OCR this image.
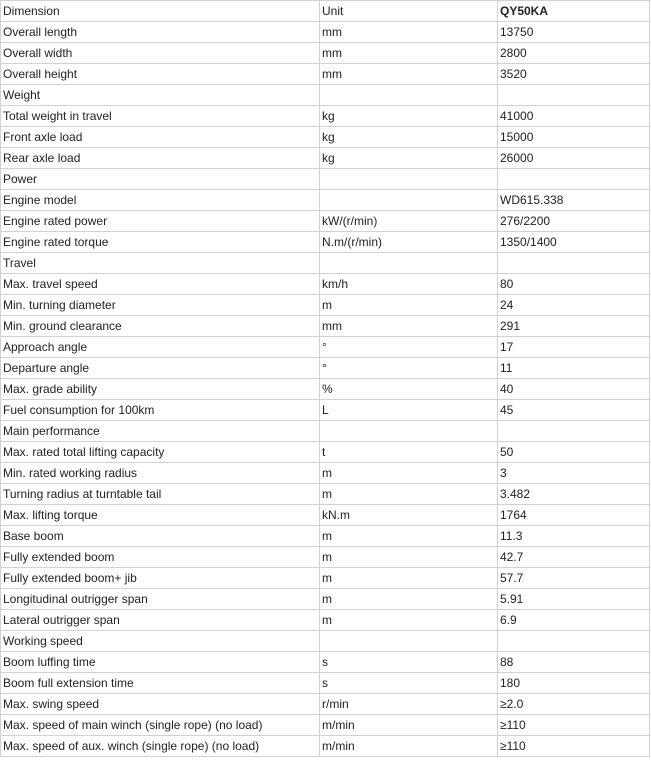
Dimension	Unit	QY50KA
Overall length	mm	13750
Overall width	mm	2800
Overall height	mm	3520
Weight		
Total weight in travel	kg	41000
Front axle load	kg	15000
Rear axle load	kg	26000
Power		
Engine model		WD615.338
Engine rated power	kW/(r/min)	276/2200
Engine rated torque	N.m/(r/min)	1350/1400
Travel		
Max. travel speed	km/h	80
Min. turning diameter	m	24
Min. ground clearance	mm	291
Approach angle	°	17
Departure angle	°	11
Max. grade ability	%	40
Fuel consumption for 100km	L	45
Main performance		
Max. rated total lifting capacity	t	50
Min. rated working radius	m	3
Turning radius at turntable tail	m	3.482
Max. lifting torque	kN.m	1764
Base boom	m	11.3
Fully extended boom	m	42.7
Fully extended boom+ jib	m	57.7
Longitudinal outrigger span	m	5.91
Lateral outrigger span	m	6.9
Working speed		
Boom luffing time	s	88
Boom full extension time	s	180
Max. swing speed	r/min	≥2.0
Max. speed of main winch (single rope) (no load)	m/min	≥110
Max. speed of aux. winch (single rope) (no load)	m/min	≥110
